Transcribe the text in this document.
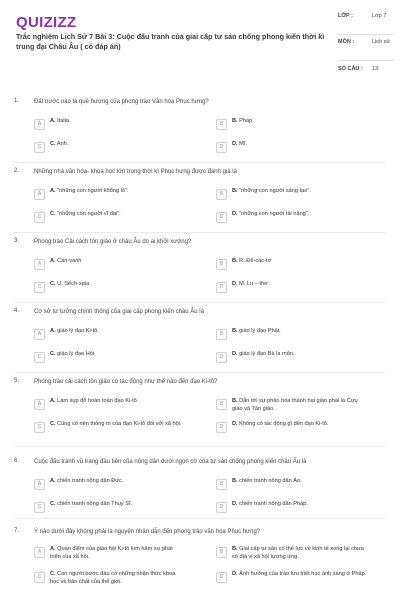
QUIZIZZ
Trắc nghiệm Lịch Sử 7 Bài 3: Cuộc đấu tranh của giai cấp tư sản chống phong kiến thời kì trung đại Châu Âu ( có đáp án)
LỚP :	Lớp 7
MÔN :	Lịch sử
SỐ CÂU : 13
1. Đất nước nào là quê hương của phong trào Văn hóa Phục hưng?
A	A. Italia.	B	B. Pháp.
C	C. Anh.	D	D. Mĩ.
2. Những nhà văn hóa- khoa học lớn trong thời kì Phục hưng được đánh giá là
A	A. "những con người khổng lồ".	B	B. "những con người sáng tạo".
C	C. "những con người vĩ đại".	D	D. "những con người tài năng".
3. Phong trào Cải cách tôn giáo ở châu Âu do ai khởi xướng?
A	A. Can-vanh	B	B. R. Đê-các-tơ
C	C. U. Sếch-xpia	D	D. M. Lu – thơ
4. Cơ sở tư tưởng chính thống của giai cấp phong kiến châu Âu là
A	A. giáo lý đạo Ki-tô.	B	B. giáo lý đạo Phật.
C	C. giáo lý đạo Hồi.	D	D. giáo lý đạo Bà la môn.
5. Phong trào cải cách tôn giáo có tác động như thế nào đến đạo Ki-tô?
A	A. Làm sụp đổ hoàn toàn đạo Ki-tô.	B	B. Dẫn tới sự phân hóa thành hai giáo phái là Cựu giáo và Tân giáo.
C	C. Củng cố nền thống trị của đạo Ki-tô đối với xã hội.	D	D. Không có tác động gì đến đạo Ki-tô.
6. Cuộc đấu tranh vũ trang đầu tiên của nông dân dưới ngọn cờ của tư sản chống phong kiến châu Âu là
A	A. chiến tranh nông dân Đức.	B	B. chiến tranh nông dân Áo.
C	C. chiến tranh nông dân Thụy Sĩ.	D	D. chiến tranh nông dân Pháp.
7. Ý nào dưới đây không phải là nguyên nhân dẫn đến phong trào văn hóa Phục hưng?
A	A. Quan điểm của giáo hội Ki-tô kìm hãm sự phát triển của xã hội.
B	B. Giai cấp tư sản có thế lực về kinh tế xong lại chưa có địa vị xã hội tương ứng.
C	C. Con người bước đầu có những nhận thức khoa học về bản chất của thế giới.
D	D. Ảnh hưởng của trào lưu triết học ánh sáng ở Pháp.
